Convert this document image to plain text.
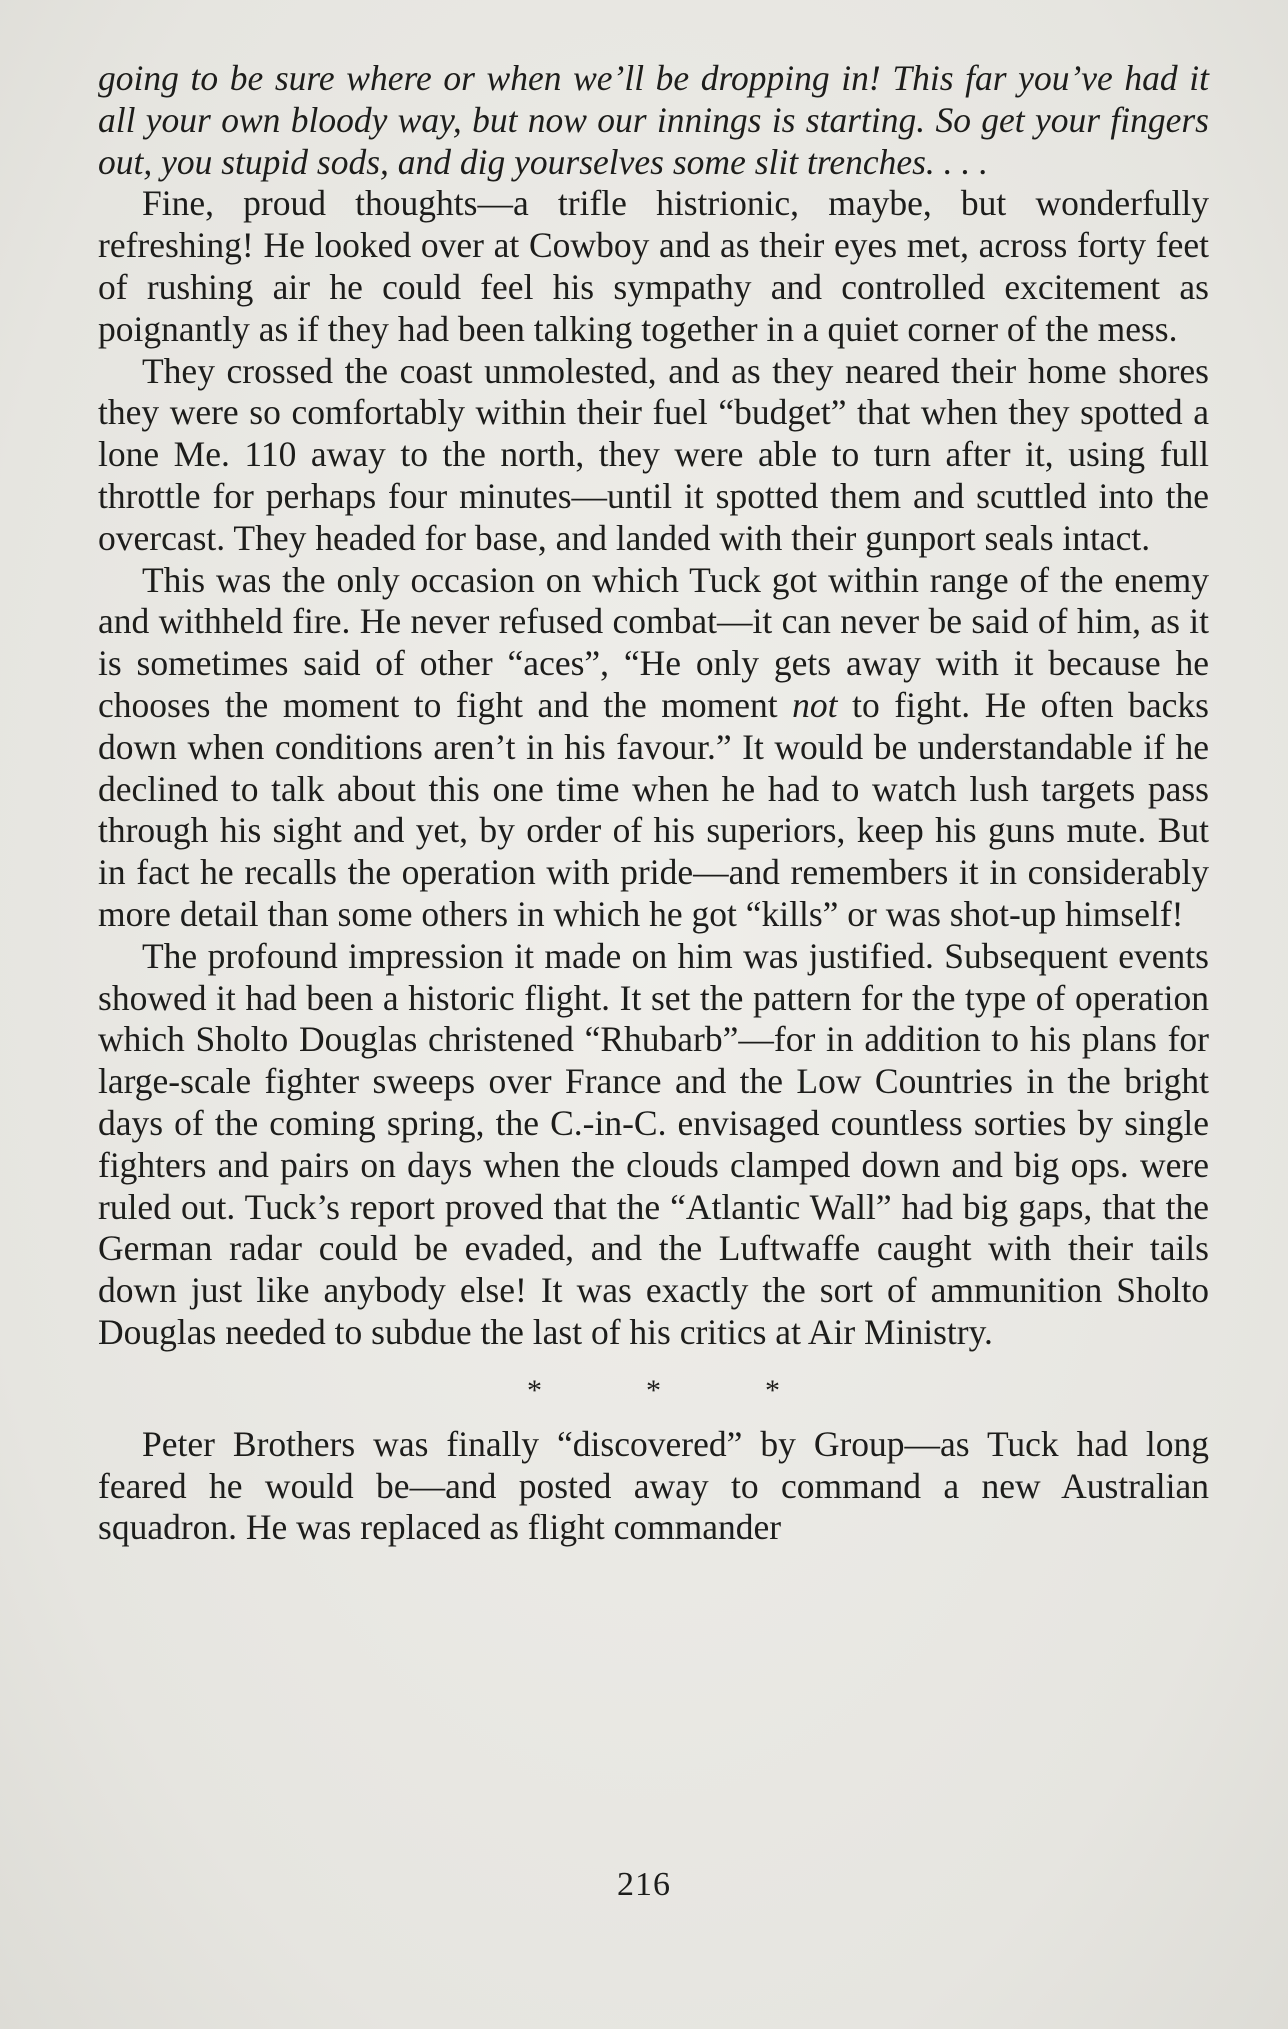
going to be sure where or when we’ll be dropping in! This far you’ve had it all your own bloody way, but now our innings is starting. So get your fingers out, you stupid sods, and dig yourselves some slit trenches. . . .

Fine, proud thoughts—a trifle histrionic, maybe, but wonderfully refreshing! He looked over at Cowboy and as their eyes met, across forty feet of rushing air he could feel his sympathy and controlled excitement as poignantly as if they had been talking together in a quiet corner of the mess.

They crossed the coast unmolested, and as they neared their home shores they were so comfortably within their fuel “budget” that when they spotted a lone Me. 110 away to the north, they were able to turn after it, using full throttle for perhaps four minutes—until it spotted them and scuttled into the overcast. They headed for base, and landed with their gunport seals intact.

This was the only occasion on which Tuck got within range of the enemy and withheld fire. He never refused combat—it can never be said of him, as it is sometimes said of other “aces”, “He only gets away with it because he chooses the moment to fight and the moment not to fight. He often backs down when conditions aren’t in his favour.” It would be understandable if he declined to talk about this one time when he had to watch lush targets pass through his sight and yet, by order of his superiors, keep his guns mute. But in fact he recalls the operation with pride—and remembers it in considerably more detail than some others in which he got “kills” or was shot-up himself!

The profound impression it made on him was justified. Subsequent events showed it had been a historic flight. It set the pattern for the type of operation which Sholto Douglas christened “Rhubarb”—for in addition to his plans for large-scale fighter sweeps over France and the Low Countries in the bright days of the coming spring, the C.-in-C. envisaged countless sorties by single fighters and pairs on days when the clouds clamped down and big ops. were ruled out. Tuck’s report proved that the “Atlantic Wall” had big gaps, that the German radar could be evaded, and the Luftwaffe caught with their tails down just like anybody else! It was exactly the sort of ammunition Sholto Douglas needed to subdue the last of his critics at Air Ministry.

*	*	*

Peter Brothers was finally “discovered” by Group—as Tuck had long feared he would be—and posted away to command a new Australian squadron. He was replaced as flight commander

216
